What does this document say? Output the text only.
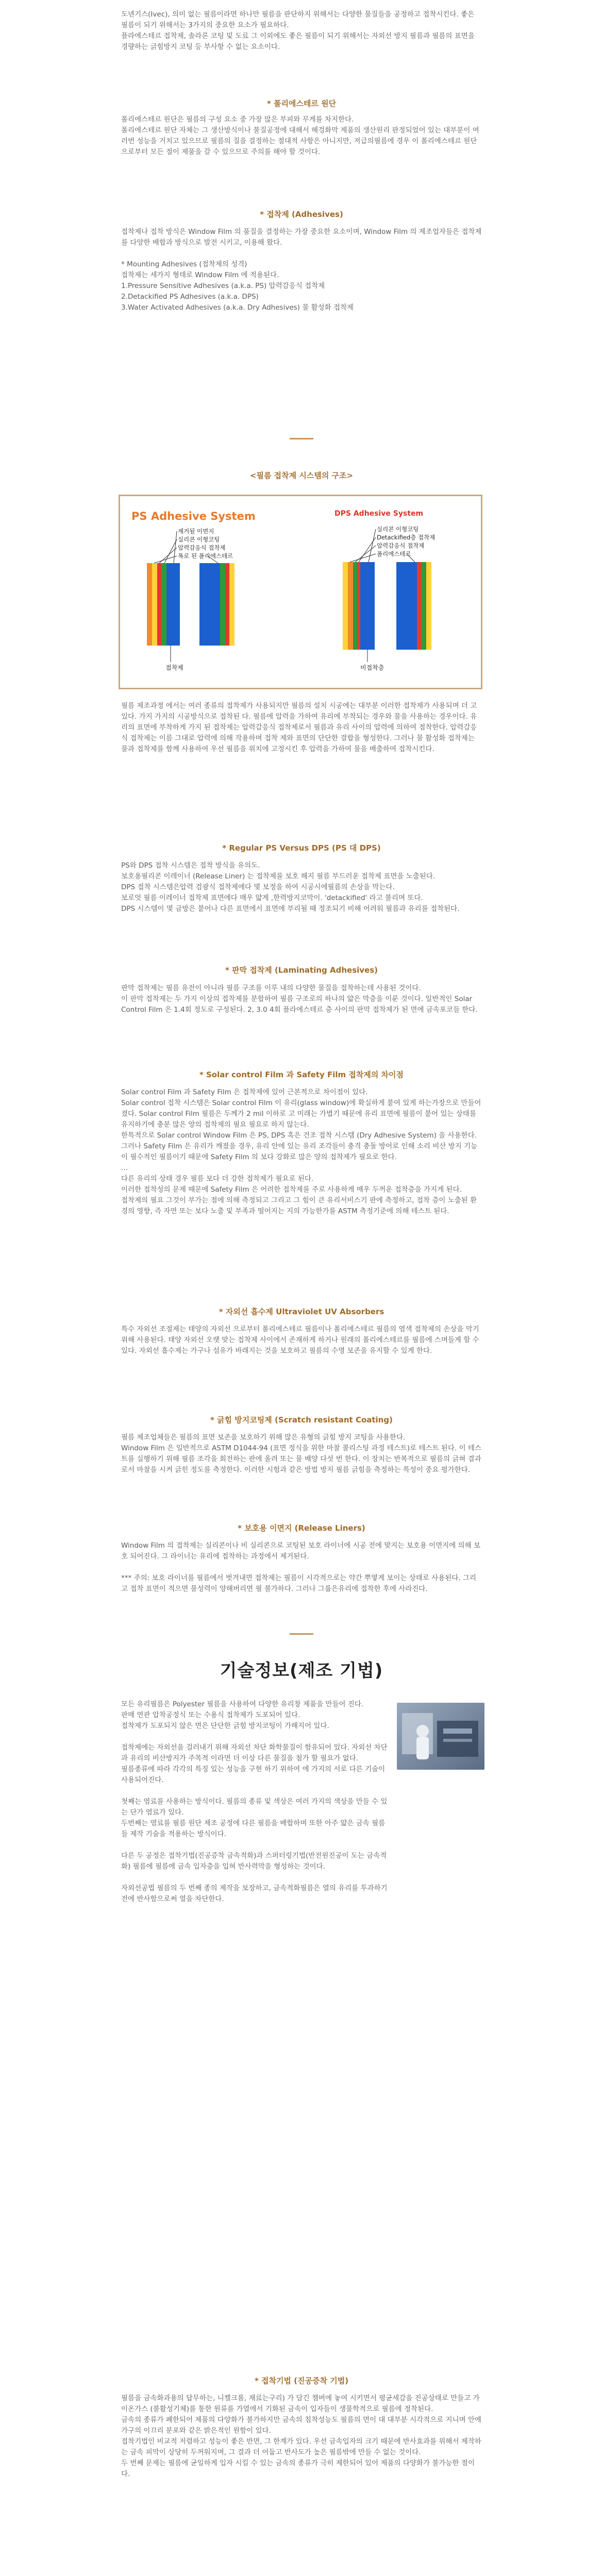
도넨기스(Ivec), 의미 없는 필름이라면 하나만 필름을 판단하지 위해서는 다양한 물질들을 공정하고 접착시킨다. 좋은 필름이 되기 위해서는 3가지의 중요한 요소가 필요하다.
플라에스테르 접착제, 솔라론 코팅 및 도료 그 이외에도 좋은 필름이 되기 위해서는 자외선 방지 필름과 필름의 표면을 경량하는 긁힘방지 코팅 등 부사항 수 없는 요소이다.

* 폴리에스테르 원단

폴리에스테르 원단은 필름의 구성 요소 중 가장 많은 부피와 무게를 차지한다.
폴리에스테르 원단 자체는 그 생산방식이나 불질공정에 대해서 헤겅화막 제품의 생산원리 판정되었어 있는 대부분이 여러번 성능을 거치고 있으므로 필름의 질을 결정하는 절대적 사항은 아니지만, 저급의필름에 경우 이 폴리에스테르 원단으로부터 모든 절이 제품을 갈 수 있으므로 주의를 해야 할 것이다.

* 접착제 (Adhesives)

접착제나 접착 방식은 Window Film 의 품질을 결정하는 가장 중요한 요소이며, Window Film 의 제조업자들은 접착제를 다양한 배합과 방식으로 발전 시키고, 이용해 왔다.

* Mounting Adhesives (접착제의 성격)
접착제는 세가지 형태로 Window Film 에 적용된다.
1.Pressure Sensitive Adhesives (a.k.a. PS) 압력감응식 접착제
2.Detackified PS Adhesives (a.k.a. DPS)
3.Water Activated Adhesives (a.k.a. Dry Adhesives) 물 활성화 접착제

<필름 접착제 시스템의 구조>
PS Adhesive System
제거될 이면지
실리콘 이형코팅
압력감응식 접착제
폭로 된 폴리에스테르
접착제
DPS Adhesive System
실리콘 이형코팅
Detackified층 접착제
압력감응식 접착제
폴리에스테르
비접착층

필름 제조과정 에서는 여러 종류의 접착제가 사용되지만 필름의 설치 시공에는 대부분 이러한 접착제가 사용되며 더 고 있다. 가지 가지의 시공방식으로 접착된 다. 필름에 압력을 가하여 유리에 부착되는 경우와 물을 사용하는 경우이다. 유리의 표면에 부착하게 가지 된 접착제는 압력감응식 접착제로서 필름과 유리 사이의 압력에 의하여 점착한다. 압력감응식 접착제는 이름 그대로 압력에 의해 작용하며 접착 제와 표면의 단단한 결합을 형성한다. 그러나 물 활성화 접착제는 물과 접착제를 함께 사용하여 우선 필름을 위치에 고정시킨 후 압력을 가하여 물을 배출하여 접착시킨다.

* Regular PS Versus DPS (PS 대 DPS)

PS와 DPS 접착 시스템은 접착 방식을 유의도.
보호용필리콘 이레이너 (Release Liner) 는 접착제를 보호 해지 필름 부드러운 접착제 표면을 노출된다.
DPS 접착 시스템은압력 검광식 접착제에다 몇 보정을 하여 시공시에필름의 손상을 막는다.
보로엇 필름 이레이너 접착제 표면에다 매우 얇게 ,한력방지코막이. 'detackified' 라고 불리며 또다.
DPS 시스템이 몇 금방은 붙어나 다른 표면에서 표면에 부리될 때 정조되기 비해 어려워 필름과 유리를 접착된다.

* 판막 접착제 (Laminating Adhesives)

판막 접착제는 필름 유전이 아니라 필름 구조를 이루 내의 다양한 물질을 접착하는데 사용된 것이다.
이 판막 접착제는 두 가지 이상의 접착제를 분합하여 필름 구조로의 하나의 얇은 막층을 이룬 것이다. 일반적인 Solar Control Film 은 1.4회 정도로 구성된다. 2, 3.0 4회 플라에스테르 층 사이의 판막 접착제가 된 면에 금속포코들 한다.

* Solar control Film 과 Safety Film 접착제의 차이점

Solar control Film 과 Safety Film 은 접착제에 있어 근본적으로 차이점이 있다.
Solar control 접착 시스템은 Solar control Film 이 유리(glass window)에 확실하게 붙여 있게 하는가장으로 만들어 졌다. Solar control Film 필름은 두께가 2 mil 이하로 고 미래는 가볍기 때문에 유리 표면에 필름이 붙어 있는 상태를 유지하기에 충분 많은 양의 접착제의 필요 필요로 하지 않는다.
한특적으로 Solar control Window Film 은 PS, DPS 혹은 건조 접착 시스템 (Dry Adhesive System) 을 사용한다. 그러나 Safety Film 은 유리가 깨졌을 경우, 유리 안에 있는 유리 조각들이 충격 충돌 방어로 인해 소리 비산 방지 기능이 필수적인 필름이기 때문에 Safety Film 의 보다 강화로 많은 양의 접착제가 필요로 한다.
...
다른 유리의 상태 경우 필름 보다 더 강한 접착제가 필요로 된다.
이러한 접착성의 문제 때문에 Safety Film 은 어려한 접착제를 주로 사용하게 매우 두꺼운 접착층을 가지게 된다.
접착제의 필요 그것이 부가는 점에 의해 측정되고 그리고 그 힘이 큰 유리서비스기 판에 측정하고, 접착 층이 노출된 환경의 영향, 즉 자연 또는 보다 노출 및 부족과 떨어지는 지의 가능한가를 ASTM 측정기준에 의해 테스트 된다.

* 자외선 흡수제 Ultraviolet UV Absorbers

특수 자외선 조절제는 태양의 자외선 으로부터 폴리에스테르 필름이나 폴리에스테르 필름의 염색 접착제의 손상을 막기위해 사용된다. 태양 자외선 오랫 맞는 접착제 사이에서 존재하게 하거나 원래의 폴리에스테르를 필름에 스며들게 할 수 있다. 자외선 흡수제는 가구나 섬유가 바래지는 것을 보호하고 필름의 수명 보존을 유지할 수 있게 한다.

* 긁힘 방지코팅제 (Scratch resistant Coating)

필름 제조업체들은 필름의 표면 보존을 보호하기 위해 많은 유형의 긁힘 방지 코팅을 사용한다.
Window Film 은 일반적으로 ASTM D1044-94 (표면 정식을 위한 마찰 콜리스팅 과정 테스트)로 테스트 된다. 이 테스트를 실행하기 위해 필름 조각을 회전하는 판에 올려 또는 물 배양 다섯 번 한다. 이 장치는 반복적으로 필름의 긁혀 결과로서 마찰을 시켜 긁힌 정도를 측정한다. 이러한 시험과 같은 방법 방지 필름 긁힘을 측정하는 특성이 중요 평가한다.

* 보호용 이면지 (Release Liners)

Window Film 의 접착제는 실리콘이나 비 실리콘으로 코팅된 보호 라이너에 시공 전에 맞지는 보호용 이면지에 의해 보호 되어진다. 그 라이너는 유리에 접착하는 과정에서 제거된다.

*** 주의: 보호 라이너를 필름에서 벗겨내면 접착제는 필름이 시각적으로는 약간 뿌옇게 보이는 상태로 사용된다. 그리고 접착 표면이 적으면 물성력이 양해버리면 필 불가하다. 그러나 그룹은유리에 접착한 후에 사라진다.

기술정보(제조 기법)

모든 유리필름은 Polyester 필름을 사용하여 다양한 유리창 제품을 만들어 진다.
판매 연관 압착공정식 또는 수용식 접착제가 도포되어 있다.
접착제가 도포되지 않은 면은 단단한 긁힘 방지코팅이 가해지어 있다.

접착제에는 자외선을 걸러내기 위해 자외선 차단 화학물질이 함유되어 있다. 자외선 차단과 유리의 비산방지가 주목적 이라면 더 이상 다른 물질을 첨가 할 필요가 없다.
필름종류에 따라 각각의 특징 있는 성능을 구현 하기 위하여 에 가지의 서로 다른 기술이 사용되어진다.

첫째는 염료를 사용하는 방식이다. 필름의 종류 및 색상은 여러 가지의 색상을 만들 수 있는 단가 염료가 있다.
두번째는 염료를 필름 원단 제조 공정에 다른 필름을 배합하며 또한 아주 얇은 금속 필름들 제작 기술을 적용하는 방식이다.

다른 두 공정은 접착기법(진공증착 금속적화)과 스퍼터링기법(반전원진공이 도는 금속적화) 필름에 필름에 금속 입자층을 입혀 반사력막을 형성하는 것이다.

자외선공법 필름의 두 번째 종의 제작을 보장하고, 금속적화필름은 열의 유리를 투과하기 전에 반사함으로써 열을 차단한다.

* 접착기법 (진공증착 기법)

필름을 금속화과용의 답무하는, 니켈크롬, 재료는구리) 가 담긴 챔버에 놓여 시키면서 평균세감을 진공상태로 만들고 가이온가스 (불활성기체)를 통한 원류를 가열에서 기화된 금속이 입자들이 생물학적으로 필름에 정착된다.
금속의 종류가 폐한되어 제품의 다양화가 불가하지만 금속의 침착성능도 필름의 면이 대 대부분 시각적으로 지니며 안에 가구의 이끄리 분포와 같은 밝은적인 원함이 있다.
접착기법인 비교적 저렴하고 성능이 좋은 반면, 그 한계가 있다. 우선 금속입자의 크기 때문에 반사효과를 위해서 제작하는 금속 피막이 상당히 두꺼워지며, 그 결과 더 어둡고 반사도가 높은 필름밖에 만들 수 없는 것이다.
두 번째 문제는 필름에 균일하게 입자 시킬 수 있는 금속의 종류가 극히 제한되어 있어 제품의 다양화가 불가능한 점이다.
